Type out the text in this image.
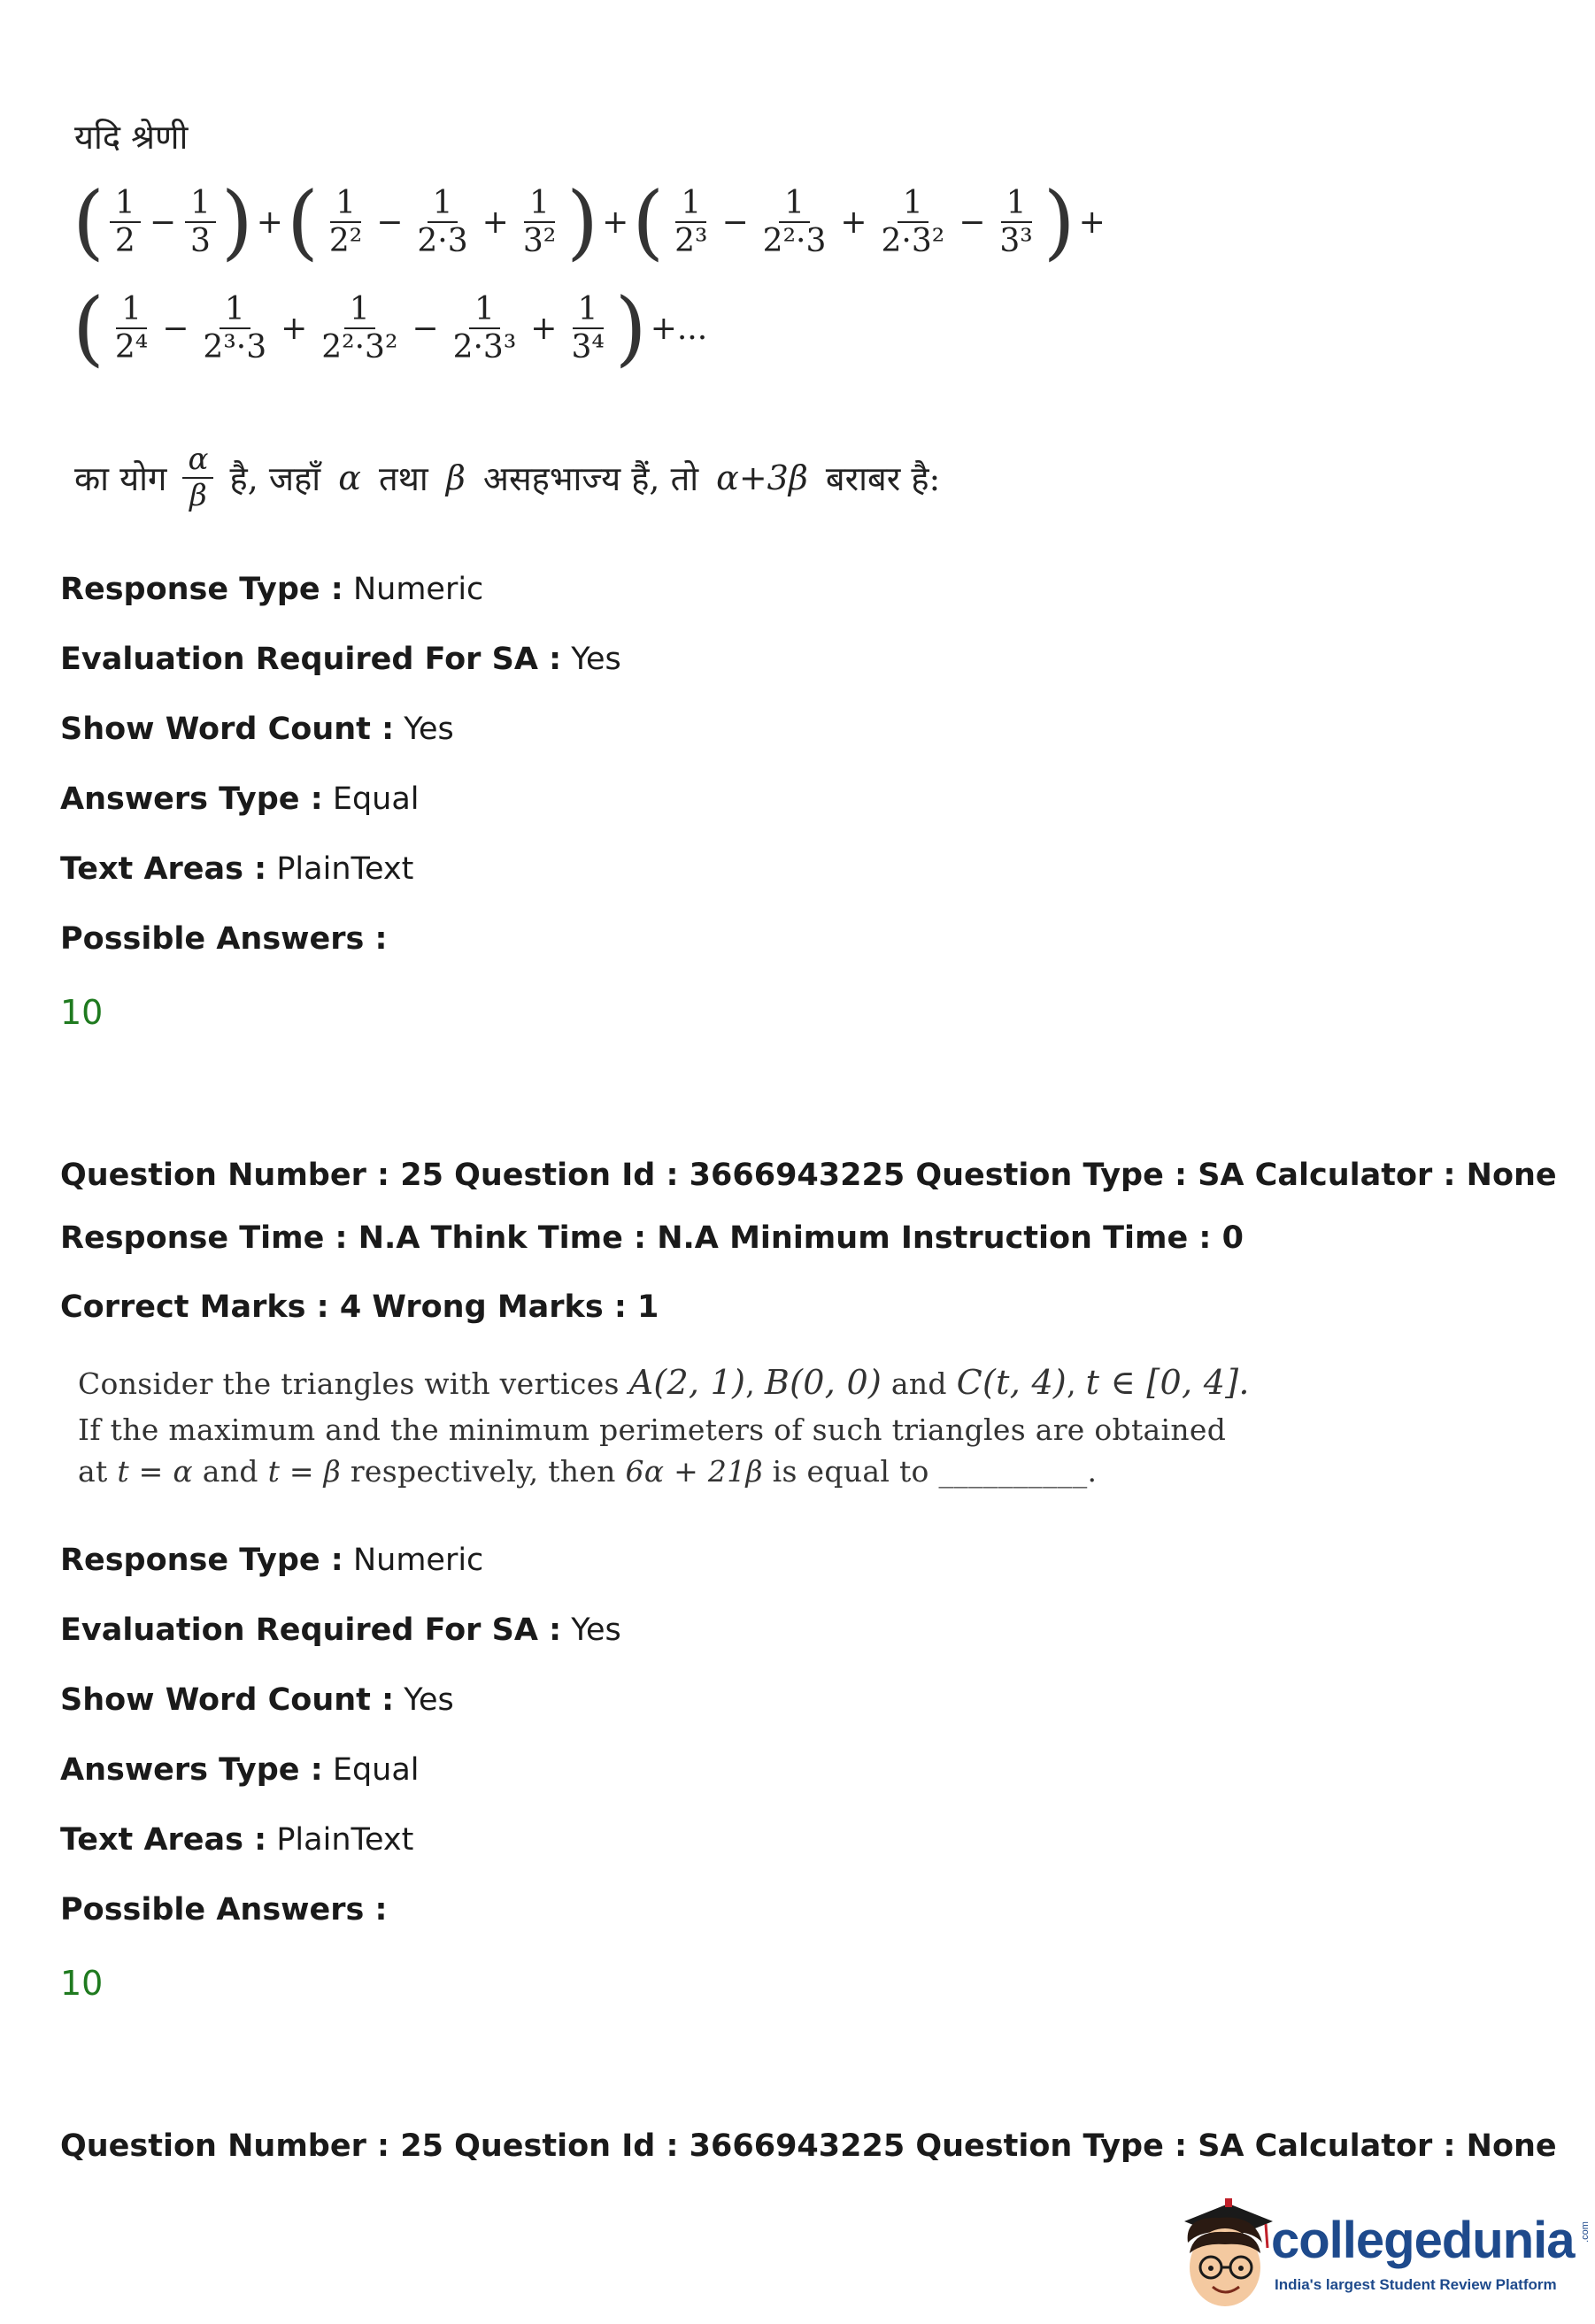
यदि श्रेणी
( $\frac{1}{2} - \frac{1}{3}$ ) +( $\frac{1}{\text{2²}} - \frac{1}{2\cdot 3} + \frac{1}{\text{3²}}$ ) +( $\frac{1}{\text{2³}} - \frac{1}{\text{2²·3}} + \frac{1}{\text{2·3²}} - \frac{1}{\text{3³}}$ ) +
( $\frac{1}{\text{2⁴}} - \frac{1}{\text{2³·3}} + \frac{1}{\text{2²·3²}} - \frac{1}{\text{2·3³}} + \frac{1}{\text{3⁴}}$ ) +...
का योग $\frac{\alpha}{\beta}$ है, जहाँ α तथा β असहभाज्य हैं, तो α+3β बराबर है:
Response Type : Numeric
Evaluation Required For SA : Yes
Show Word Count : Yes
Answers Type : Equal
Text Areas : PlainText
Possible Answers :
10
Question Number : 25 Question Id : 3666943225 Question Type : SA Calculator : None
Response Time : N.A Think Time : N.A Minimum Instruction Time : 0
Correct Marks : 4 Wrong Marks : 1
Consider the triangles with vertices A(2, 1), B(0, 0) and C(t, 4), t ∈ [0, 4].
If the maximum and the minimum perimeters of such triangles are obtained
at t = α and t = β respectively, then 6α + 21β is equal to __________.
Response Type : Numeric
Evaluation Required For SA : Yes
Show Word Count : Yes
Answers Type : Equal
Text Areas : PlainText
Possible Answers :
10
Question Number : 25 Question Id : 3666943225 Question Type : SA Calculator : None
collegedunia .com
India's largest Student Review Platform
